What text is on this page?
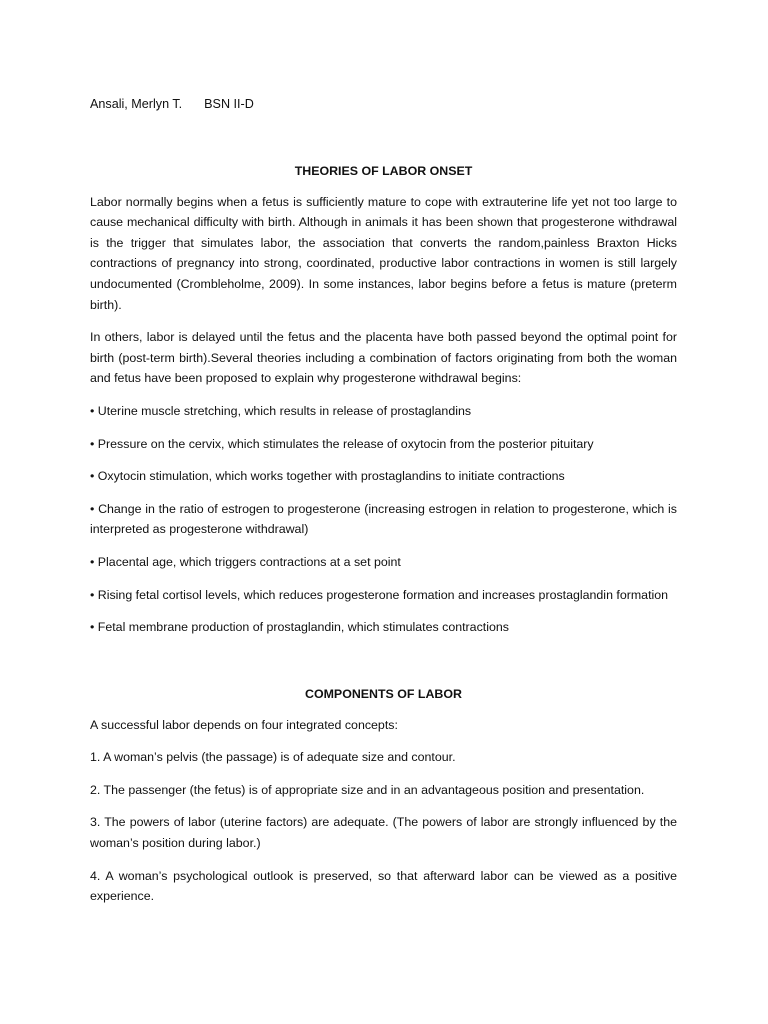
Ansali, Merlyn T. BSN II-D
THEORIES OF LABOR ONSET

Labor normally begins when a fetus is sufficiently mature to cope with extrauterine life yet not too large to cause mechanical difficulty with birth. Although in animals it has been shown that progesterone withdrawal is the trigger that simulates labor, the association that converts the random,painless Braxton Hicks contractions of pregnancy into strong, coordinated, productive labor contractions in women is still largely undocumented (Crombleholme, 2009). In some instances, labor begins before a fetus is mature (preterm birth).

In others, labor is delayed until the fetus and the placenta have both passed beyond the optimal point for birth (post-term birth).Several theories including a combination of factors originating from both the woman and fetus have been proposed to explain why progesterone withdrawal begins:

• Uterine muscle stretching, which results in release of prostaglandins

• Pressure on the cervix, which stimulates the release of oxytocin from the posterior pituitary

• Oxytocin stimulation, which works together with prostaglandins to initiate contractions

• Change in the ratio of estrogen to progesterone (increasing estrogen in relation to progesterone, which is interpreted as progesterone withdrawal)

• Placental age, which triggers contractions at a set point

• Rising fetal cortisol levels, which reduces progesterone formation and increases prostaglandin formation

• Fetal membrane production of prostaglandin, which stimulates contractions

COMPONENTS OF LABOR

A successful labor depends on four integrated concepts:

1. A woman’s pelvis (the passage) is of adequate size and contour.

2. The passenger (the fetus) is of appropriate size and in an advantageous position and presentation.

3. The powers of labor (uterine factors) are adequate. (The powers of labor are strongly influenced by the woman’s position during labor.)

4. A woman’s psychological outlook is preserved, so that afterward labor can be viewed as a positive experience.
